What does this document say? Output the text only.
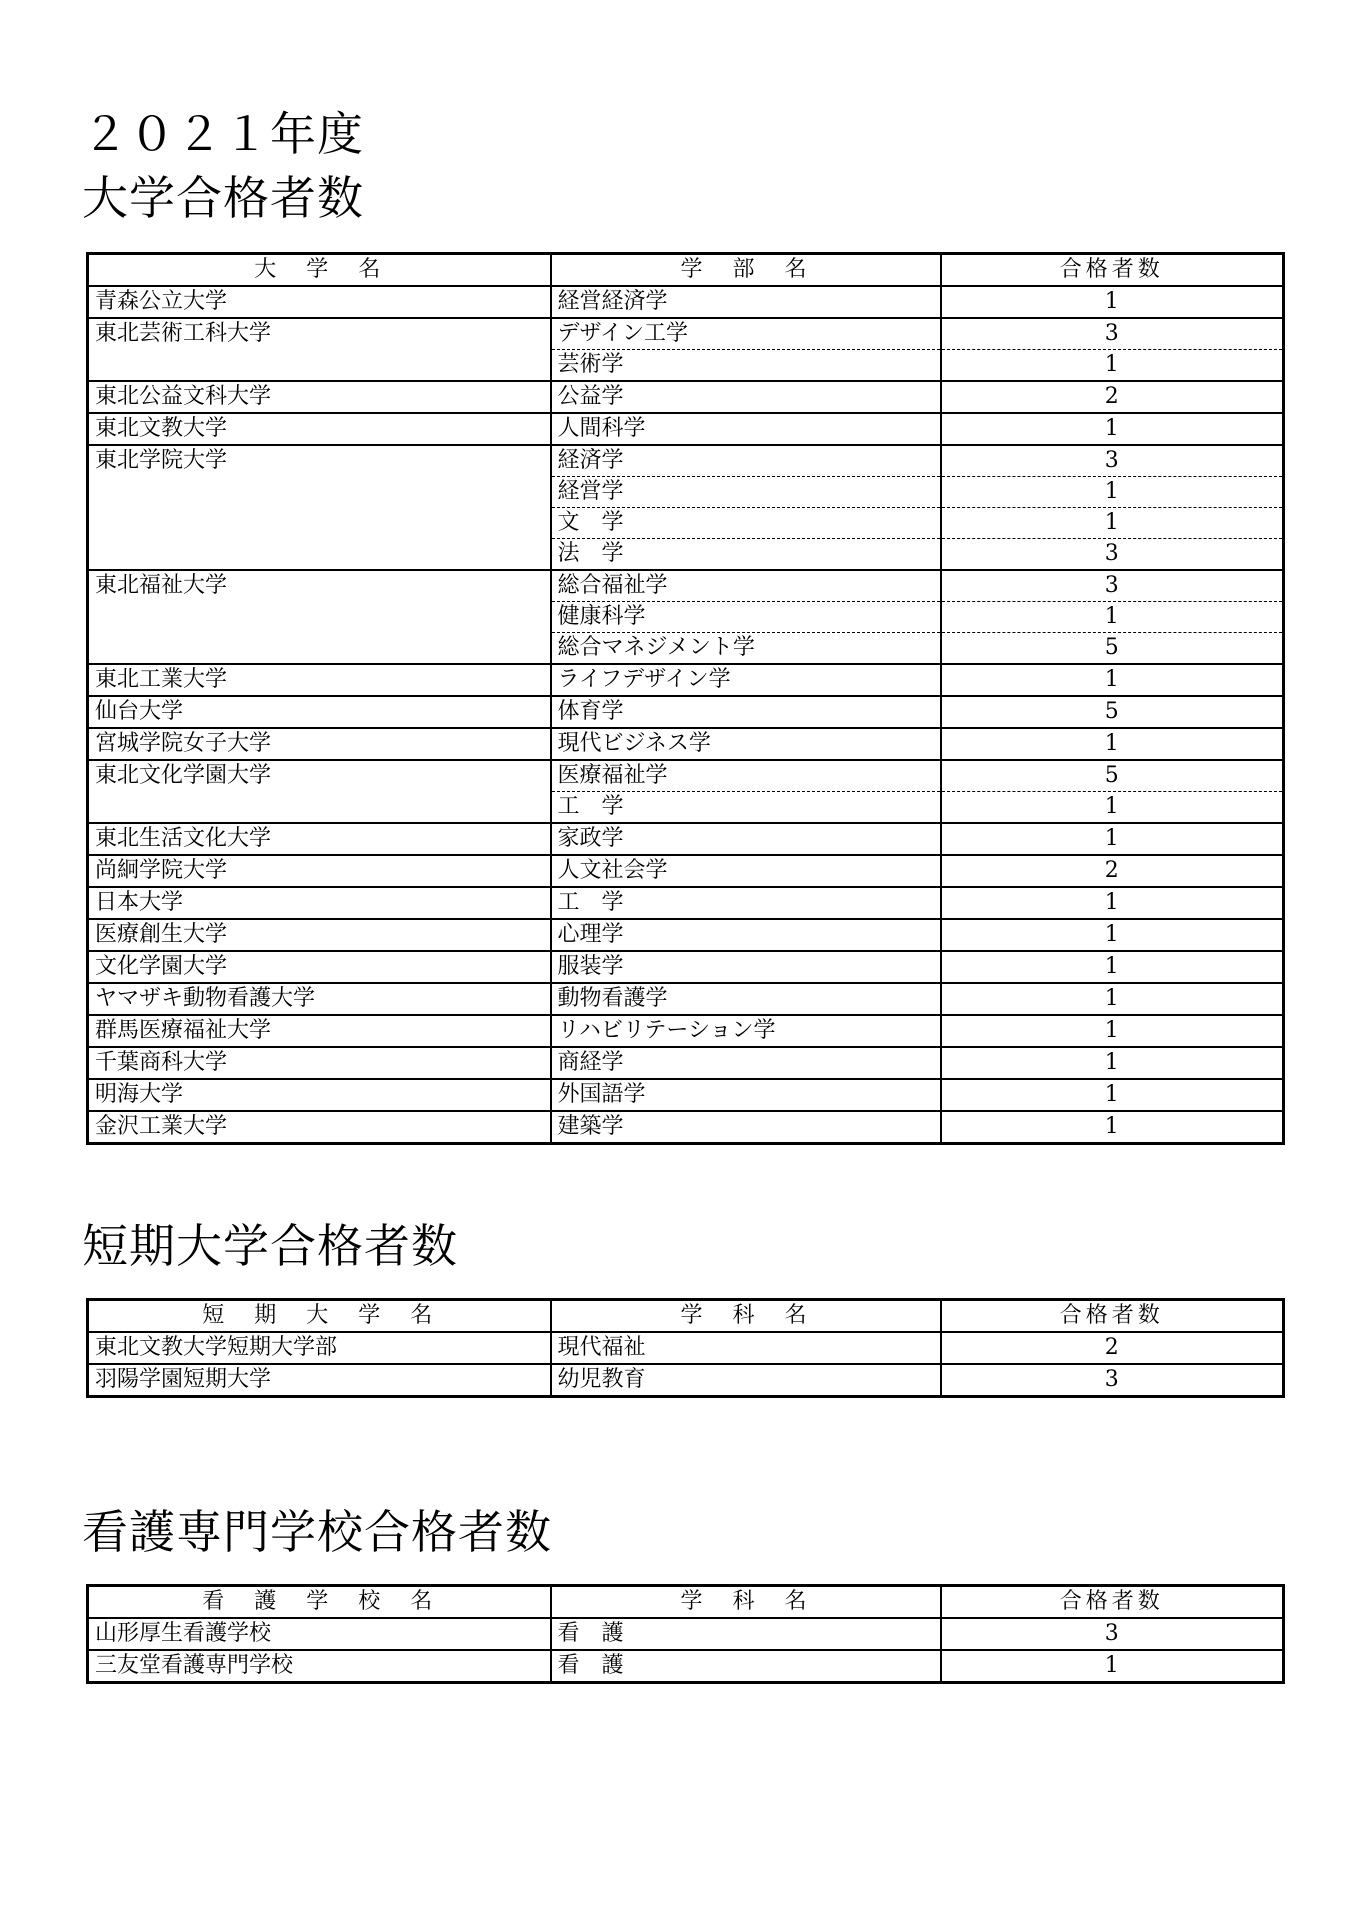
２０２１年度
大学合格者数
大　学　名	学　部　名	合格者数
青森公立大学	経営経済学	1
東北芸術工科大学	デザイン工学	3
	芸術学	1
東北公益文科大学	公益学	2
東北文教大学	人間科学	1
東北学院大学	経済学	3
	経営学	1
	文　学	1
	法　学	3
東北福祉大学	総合福祉学	3
	健康科学	1
	総合マネジメント学	5
東北工業大学	ライフデザイン学	1
仙台大学	体育学	5
宮城学院女子大学	現代ビジネス学	1
東北文化学園大学	医療福祉学	5
	工　学	1
東北生活文化大学	家政学	1
尚絅学院大学	人文社会学	2
日本大学	工　学	1
医療創生大学	心理学	1
文化学園大学	服装学	1
ヤマザキ動物看護大学	動物看護学	1
群馬医療福祉大学	リハビリテーション学	1
千葉商科大学	商経学	1
明海大学	外国語学	1
金沢工業大学	建築学	1
短期大学合格者数
短　期　大　学　名	学　科　名	合格者数
東北文教大学短期大学部	現代福祉	2
羽陽学園短期大学	幼児教育	3
看護専門学校合格者数
看　護　学　校　名	学　科　名	合格者数
山形厚生看護学校	看　護	3
三友堂看護専門学校	看　護	1
